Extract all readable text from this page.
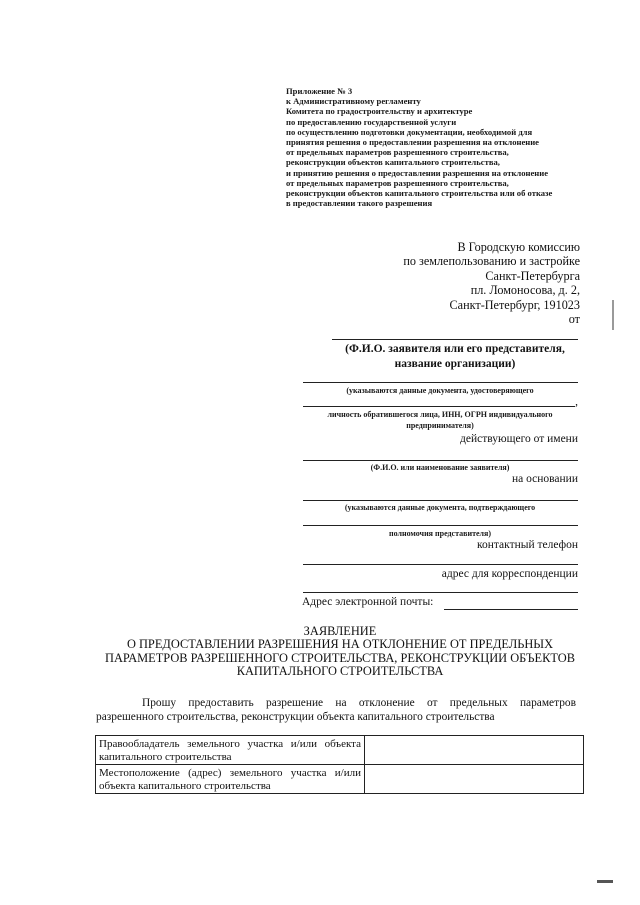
Приложение № 3
к Административному регламенту
Комитета по градостроительству и архитектуре
по предоставлению государственной услуги
по осуществлению подготовки документации, необходимой для
принятия решения о предоставлении разрешения на отклонение
от предельных параметров разрешенного строительства,
реконструкции объектов капитального строительства,
и принятию решения о предоставлении разрешения на отклонение
от предельных параметров разрешенного строительства,
реконструкции объектов капитального строительства или об отказе
в предоставлении такого разрешения
В Городскую комиссию
по землепользованию и застройке
Санкт-Петербурга
пл. Ломоносова, д. 2,
Санкт-Петербург, 191023
от
(Ф.И.О. заявителя или его представителя,
название организации)
(указываются данные документа, удостоверяющего
,
личность обратившегося лица, ИНН, ОГРН индивидуального
предпринимателя)
действующего от имени
(Ф.И.О. или наименование заявителя)
на основании
(указываются данные документа, подтверждающего
полномочия представителя)
контактный телефон
адрес для корреспонденции
Адрес электронной почты:
ЗАЯВЛЕНИЕ
О ПРЕДОСТАВЛЕНИИ РАЗРЕШЕНИЯ НА ОТКЛОНЕНИЕ ОТ ПРЕДЕЛЬНЫХ
ПАРАМЕТРОВ РАЗРЕШЕННОГО СТРОИТЕЛЬСТВА, РЕКОНСТРУКЦИИ ОБЪЕКТОВ
КАПИТАЛЬНОГО СТРОИТЕЛЬСТВА
Прошу предоставить разрешение на отклонение от предельных параметров разрешенного строительства, реконструкции объекта капитального строительства
Правообладатель земельного участка и/или объекта капитального строительства	
Местоположение (адрес) земельного участка и/или объекта капитального строительства	
